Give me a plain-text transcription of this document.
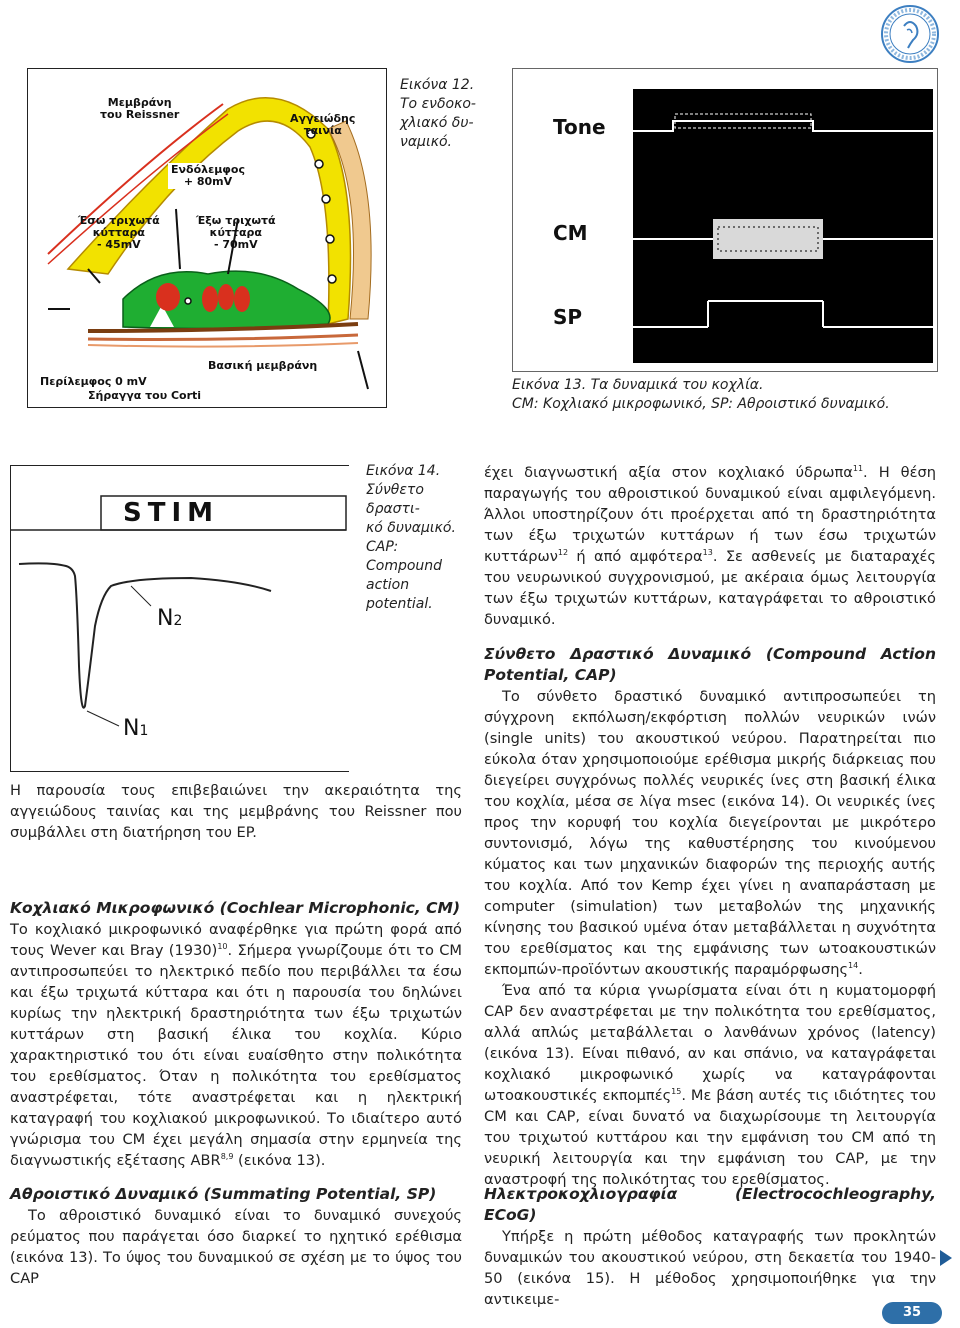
Μεμβράνη
του Reissner	Αγγειώδης
ταινία
Ενδόλεμφος
+ 80mV
Έσω τριχωτά
κύτταρα
- 45mV
Έξω τριχωτά
κύτταρα
- 70mV
Βασική μεμβράνη
Περίλεμφος 0 mV
Σήραγγα του Corti
Εικόνα 12.
Το ενδοκο-
χλιακό δυ-
ναμικό.
Tone
CM
SP
Εικόνα 13. Τα δυναμικά του κοχλία.
CM: Κοχλιακό μικροφωνικό, SP: Αθροιστικό δυναμικό.
STIM
N2
N1
Εικόνα 14.
Σύνθετο δραστι-
κό δυναμικό.
CAP:
Compound
action
potential.

έχει διαγνωστική αξία στον κοχλιακό ύδρωπα$^{11}$. Η θέση παραγωγής του αθροιστικού δυναμικού είναι αμφιλεγόμενη. Άλλοι υποστηρίζουν ότι προέρχεται από τη δραστηριότητα των έξω τριχωτών κυττάρων ή των έσω τριχωτών κυττάρων$^{12}$ ή από αμφότερα$^{13}$. Σε ασθενείς με διαταραχές του νευρωνικού συγχρονισμού, με ακέραια όμως λειτουργία των έξω τριχωτών κυττάρων, καταγράφεται το αθροιστικό δυναμικό.

Σύνθετο Δραστικό Δυναμικό (Compound Action Potential, CAP)

Το σύνθετο δραστικό δυναμικό αντιπροσωπεύει τη σύγχρονη εκπόλωση/εκφόρτιση πολλών νευρικών ινών (single units) του ακουστικού νεύρου. Παρατηρείται πιο εύκολα όταν χρησιμοποιούμε ερέθισμα μικρής διάρκειας που διεγείρει συγχρόνως πολλές νευρικές ίνες στη βασική έλικα του κοχλία, μέσα σε λίγα msec (εικόνα 14). Οι νευρικές ίνες προς την κορυφή του κοχλία διεγείρονται με μικρότερο συντονισμό, λόγω της καθυστέρησης του κινούμενου κύματος και των μηχανικών διαφορών της περιοχής αυτής του κοχλία. Από τον Kemp έχει γίνει η αναπαράσταση με computer (simulation) των μεταβολών της μηχανικής κίνησης του βασικού υμένα όταν μεταβάλλεται η συχνότητα του ερεθίσματος και της εμφάνισης των ωτοακουστικών εκπομπών-προϊόντων ακουστικής παραμόρφωσης$^{14}$.

Ένα από τα κύρια γνωρίσματα είναι ότι η κυματομορφή CAP δεν αναστρέφεται με την πολικότητα του ερεθίσματος, αλλά απλώς μεταβάλλεται ο λανθάνων χρόνος (latency) (εικόνα 13). Είναι πιθανό, αν και σπάνιο, να καταγράφεται κοχλιακό μικροφωνικό χωρίς να καταγράφονται ωτοακουστικές εκπομπές$^{15}$. Με βάση αυτές τις ιδιότητες του CM και CAP, είναι δυνατό να διαχωρίσουμε τη λειτουργία του τριχωτού κυττάρου και την εμφάνιση του CM από τη νευρική λειτουργία και την εμφάνιση του CAP, με την αναστροφή της πολικότητας του ερεθίσματος.

Ηλεκτροκοχλιογραφία (Electrocochleography, ECoG)

Υπήρξε η πρώτη μέθοδος καταγραφής των προκλητών δυναμικών του ακουστικού νεύρου, στη δεκαετία του 1940-50 (εικόνα 15). Η μέθοδος χρησιμοποιήθηκε για την αντικειμε-

Η παρουσία τους επιβεβαιώνει την ακεραιότητα της αγγειώδους ταινίας και της μεμβράνης του Reissner που συμβάλλει στη διατήρηση του EP.

Κοχλιακό Μικροφωνικό (Cochlear Microphonic, CM)

Το κοχλιακό μικροφωνικό αναφέρθηκε για πρώτη φορά από τους Wever και Bray $(1930)^{10}$. Σήμερα γνωρίζουμε ότι το CM αντιπροσωπεύει το ηλεκτρικό πεδίο που περιβάλλει τα έσω και έξω τριχωτά κύτταρα και ότι η παρουσία του δηλώνει κυρίως την ηλεκτρική δραστηριότητα των έξω τριχωτών κυττάρων στη βασική έλικα του κοχλία. Κύριο χαρακτηριστικό του ότι είναι ευαίσθητο στην πολικότητα του ερεθίσματος. Όταν η πολικότητα του ερεθίσματος αναστρέφεται, τότε αναστρέφεται και η ηλεκτρική καταγραφή του κοχλιακού μικροφωνικού. Το ιδιαίτερο αυτό γνώρισμα του CM έχει μεγάλη σημασία στην ερμηνεία της διαγνωστικής εξέτασης ABR$^{8,9}$ (εικόνα 13).

Αθροιστικό Δυναμικό (Summating Potential, SP)

Το αθροιστικό δυναμικό είναι το δυναμικό συνεχούς ρεύματος που παράγεται όσο διαρκεί το ηχητικό ερέθισμα (εικόνα 13). Το ύψος του δυναμικού σε σχέση με το ύψος του CAP

35
